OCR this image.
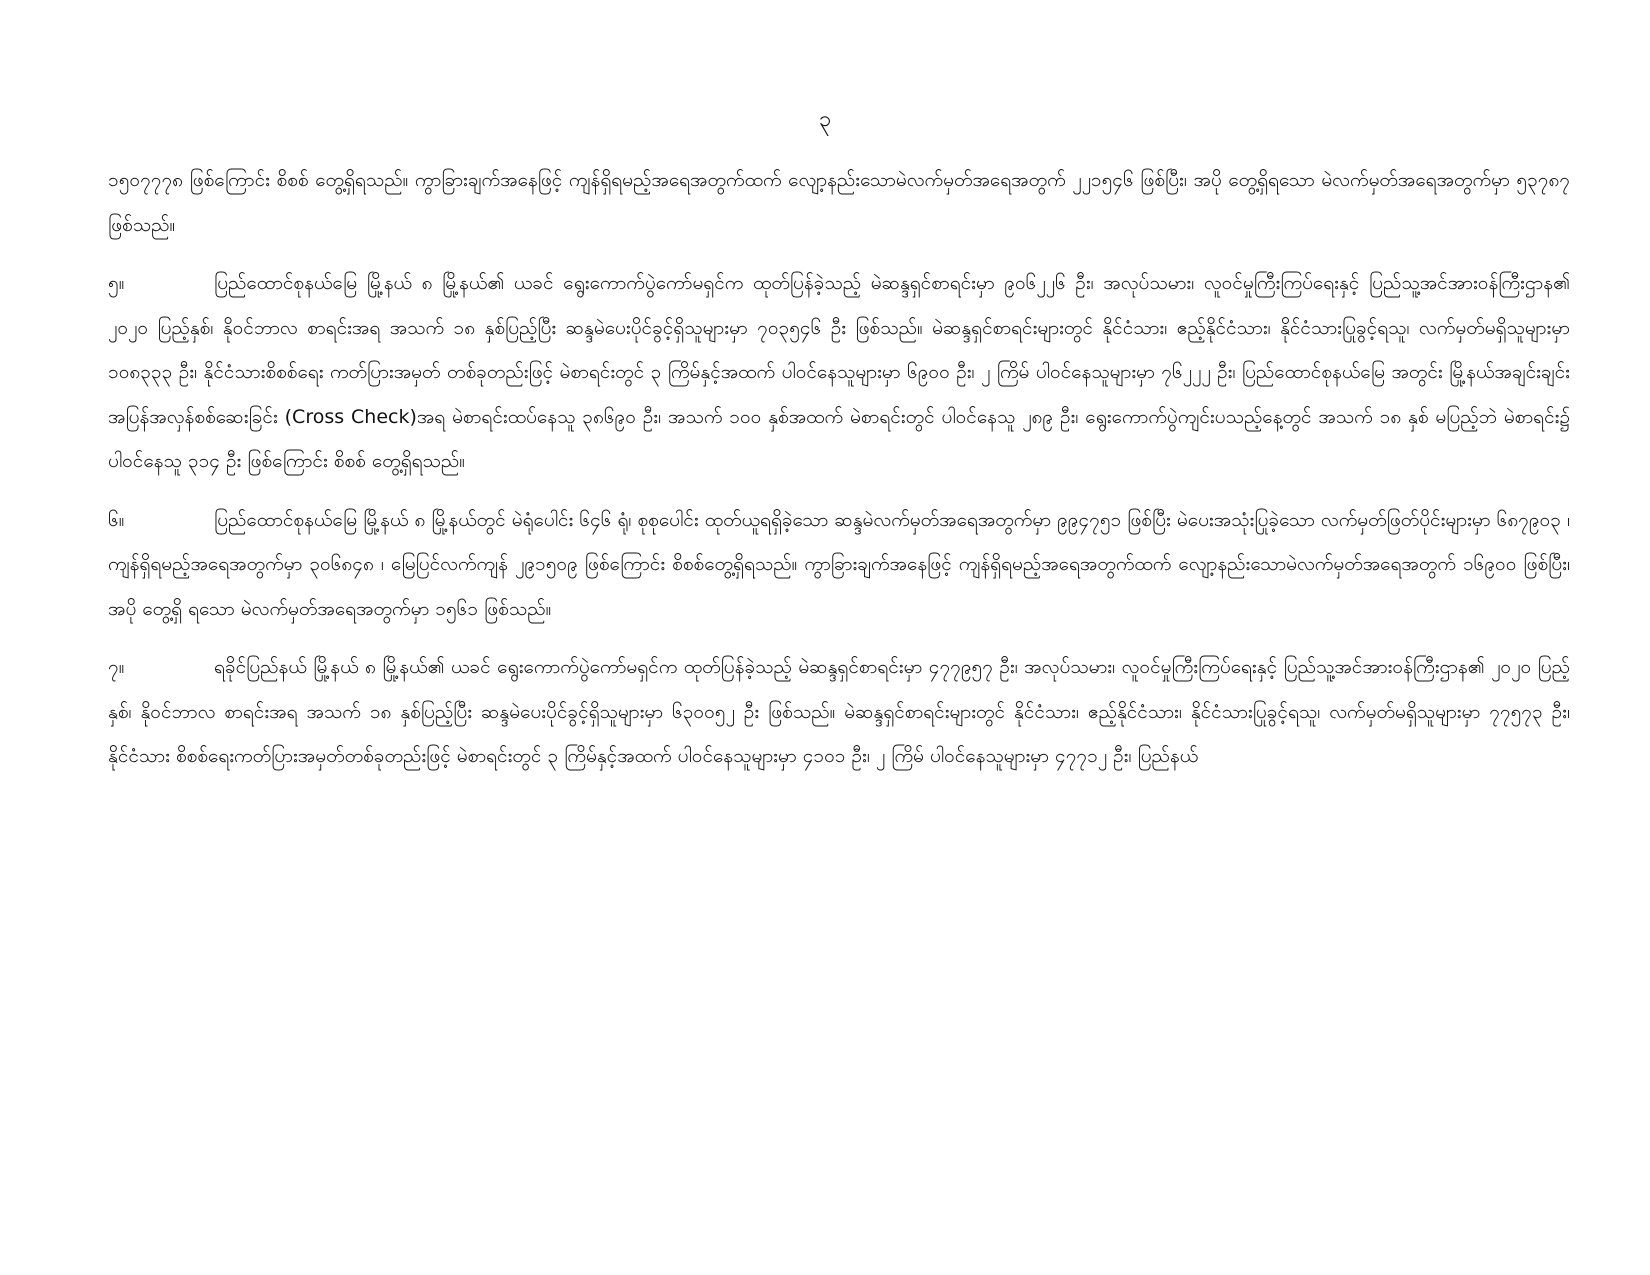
၃

၁၅၀၇၇၇၈ ဖြစ်ကြောင်း စိစစ် တွေ့ရှိရသည်။ ကွာခြားချက်အနေဖြင့် ကျန်ရှိရမည့်အရေအတွက်ထက် လျော့နည်းသောမဲလက်မှတ်အရေအတွက် ၂၂၁၅၄၆ ဖြစ်ပြီး၊ အပို တွေ့ရှိရသော မဲလက်မှတ်အရေအတွက်မှာ ၅၃၇၈၇ ဖြစ်သည်။

၅။	ပြည်ထောင်စုနယ်မြေ မြို့နယ် ၈ မြို့နယ်၏ ယခင် ရွေးကောက်ပွဲကော်မရှင်က ထုတ်ပြန်ခဲ့သည့် မဲဆန္ဒရှင်စာရင်းမှာ ၉၀၆၂၂၆ ဦး၊ အလုပ်သမား၊ လူဝင်မှုကြီးကြပ်ရေးနှင့် ပြည်သူ့အင်အားဝန်ကြီးဌာန၏ ၂၀၂၀ ပြည့်နှစ်၊ နိုဝင်ဘာလ စာရင်းအရ အသက် ၁၈ နှစ်ပြည့်ပြီး ဆန္ဒမဲပေးပိုင်ခွင့်ရှိသူများမှာ ၇၀၃၅၄၆ ဦး ဖြစ်သည်။ မဲဆန္ဒရှင်စာရင်းများတွင် နိုင်ငံသား၊ ဧည့်နိုင်ငံသား၊ နိုင်ငံသားပြုခွင့်ရသူ၊ လက်မှတ်မရှိသူများမှာ ၁၀၈၃၃၃ ဦး၊ နိုင်ငံသားစိစစ်ရေး ကတ်ပြားအမှတ် တစ်ခုတည်းဖြင့် မဲစာရင်းတွင် ၃ ကြိမ်နှင့်အထက် ပါဝင်နေသူများမှာ ၆၉၀၀ ဦး၊ ၂ ကြိမ် ပါဝင်နေသူများမှာ ၇၆၂၂၂ ဦး၊ ပြည်ထောင်စုနယ်မြေ အတွင်း မြို့နယ်အချင်းချင်း အပြန်အလှန်စစ်ဆေးခြင်း (Cross Check)အရ မဲစာရင်းထပ်နေသူ ၃၈၆၉၀ ဦး၊ အသက် ၁၀၀ နှစ်အထက် မဲစာရင်းတွင် ပါဝင်နေသူ ၂၈၉ ဦး၊ ရွေးကောက်ပွဲကျင်းပသည့်နေ့တွင် အသက် ၁၈ နှစ် မပြည့်ဘဲ မဲစာရင်း၌ ပါဝင်နေသူ ၃၁၄ ဦး ဖြစ်ကြောင်း စိစစ် တွေ့ရှိရသည်။

၆။	ပြည်ထောင်စုနယ်မြေ မြို့နယ် ၈ မြို့နယ်တွင် မဲရုံပေါင်း ၆၄၆ ရုံ၊ စုစုပေါင်း ထုတ်ယူရရှိခဲ့သော ဆန္ဒမဲလက်မှတ်အရေအတွက်မှာ ၉၉၄၇၅၁ ဖြစ်ပြီး မဲပေးအသုံးပြုခဲ့သော လက်မှတ်ဖြတ်ပိုင်းများမှာ ၆၈၇၉၀၃ ၊ ကျန်ရှိရမည့်အရေအတွက်မှာ ၃၀၆၈၄၈ ၊ မြေပြင်လက်ကျန် ၂၉၁၅၀၉ ဖြစ်ကြောင်း စိစစ်တွေ့ရှိရသည်။ ကွာခြားချက်အနေဖြင့် ကျန်ရှိရမည့်အရေအတွက်ထက် လျော့နည်းသောမဲလက်မှတ်အရေအတွက် ၁၆၉၀၀ ဖြစ်ပြီး၊ အပို တွေ့ရှိ ရသော မဲလက်မှတ်အရေအတွက်မှာ ၁၅၆၁ ဖြစ်သည်။

၇။	ရခိုင်ပြည်နယ် မြို့နယ် ၈ မြို့နယ်၏ ယခင် ရွေးကောက်ပွဲကော်မရှင်က ထုတ်ပြန်ခဲ့သည့် မဲဆန္ဒရှင်စာရင်းမှာ ၄၇၇၉၅၇ ဦး၊ အလုပ်သမား၊ လူဝင်မှုကြီးကြပ်ရေးနှင့် ပြည်သူ့အင်အားဝန်ကြီးဌာန၏ ၂၀၂၀ ပြည့်နှစ်၊ နိုဝင်ဘာလ စာရင်းအရ အသက် ၁၈ နှစ်ပြည့်ပြီး ဆန္ဒမဲပေးပိုင်ခွင့်ရှိသူများမှာ ၆၃၀၀၅၂ ဦး ဖြစ်သည်။ မဲဆန္ဒရှင်စာရင်းများတွင် နိုင်ငံသား၊ ဧည့်နိုင်ငံသား၊ နိုင်ငံသားပြုခွင့်ရသူ၊ လက်မှတ်မရှိသူများမှာ ၇၇၅၇၃ ဦး၊ နိုင်ငံသား စိစစ်ရေးကတ်ပြားအမှတ်တစ်ခုတည်းဖြင့် မဲစာရင်းတွင် ၃ ကြိမ်နှင့်အထက် ပါဝင်နေသူများမှာ ၄၁၀၁ ဦး၊ ၂ ကြိမ် ပါဝင်နေသူများမှာ ၄၇၇၁၂ ဦး၊ ပြည်နယ်
